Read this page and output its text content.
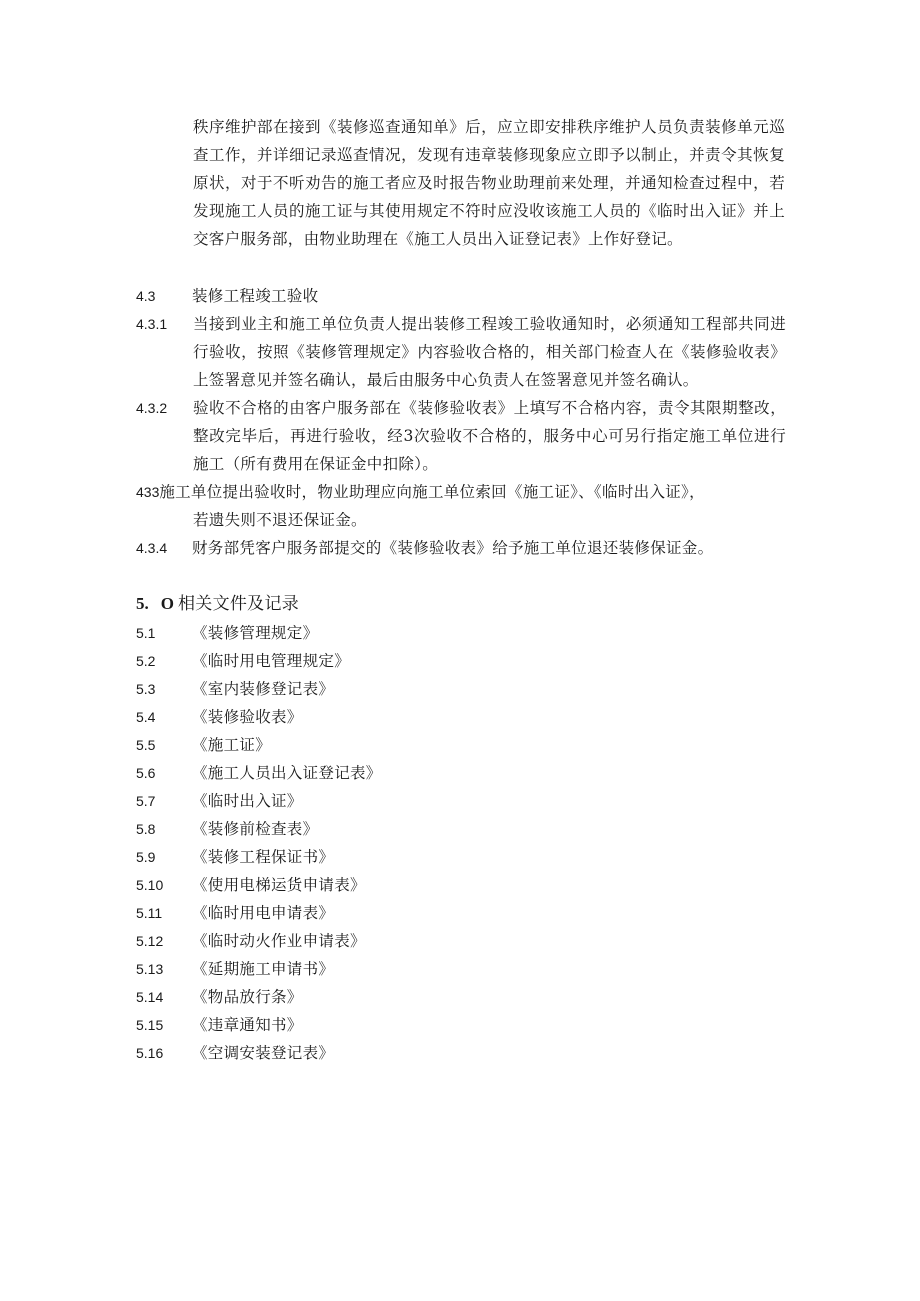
秩序维护部在接到《装修巡查通知单》后，应立即安排秩序维护人员负责装修单元巡查工作，并详细记录巡查情况，发现有违章装修现象应立即予以制止，并责令其恢复原状，对于不听劝告的施工者应及时报告物业助理前来处理，并通知检查过程中，若发现施工人员的施工证与其使用规定不符时应没收该施工人员的《临时出入证》并上交客户服务部，由物业助理在《施工人员出入证登记表》上作好登记。
4.3 装修工程竣工验收
4.3.1 当接到业主和施工单位负责人提出装修工程竣工验收通知时，必须通知工程部共同进行验收，按照《装修管理规定》内容验收合格的，相关部门检查人在《装修验收表》上签署意见并签名确认，最后由服务中心负责人在签署意见并签名确认。
4.3.2 验收不合格的由客户服务部在《装修验收表》上填写不合格内容，责令其限期整改，整改完毕后，再进行验收，经3次验收不合格的，服务中心可另行指定施工单位进行施工（所有费用在保证金中扣除）。
433施工单位提出验收时，物业助理应向施工单位索回《施工证》、《临时出入证》，
若遗失则不退还保证金。
4.3.4 财务部凭客户服务部提交的《装修验收表》给予施工单位退还装修保证金。
5. O 相关文件及记录
5.1 《装修管理规定》
5.2 《临时用电管理规定》
5.3 《室内装修登记表》
5.4 《装修验收表》
5.5 《施工证》
5.6 《施工人员出入证登记表》
5.7 《临时出入证》
5.8 《装修前检查表》
5.9 《装修工程保证书》
5.10 《使用电梯运货申请表》
5.11 《临时用电申请表》
5.12 《临时动火作业申请表》
5.13 《延期施工申请书》
5.14 《物品放行条》
5.15 《违章通知书》
5.16 《空调安装登记表》
